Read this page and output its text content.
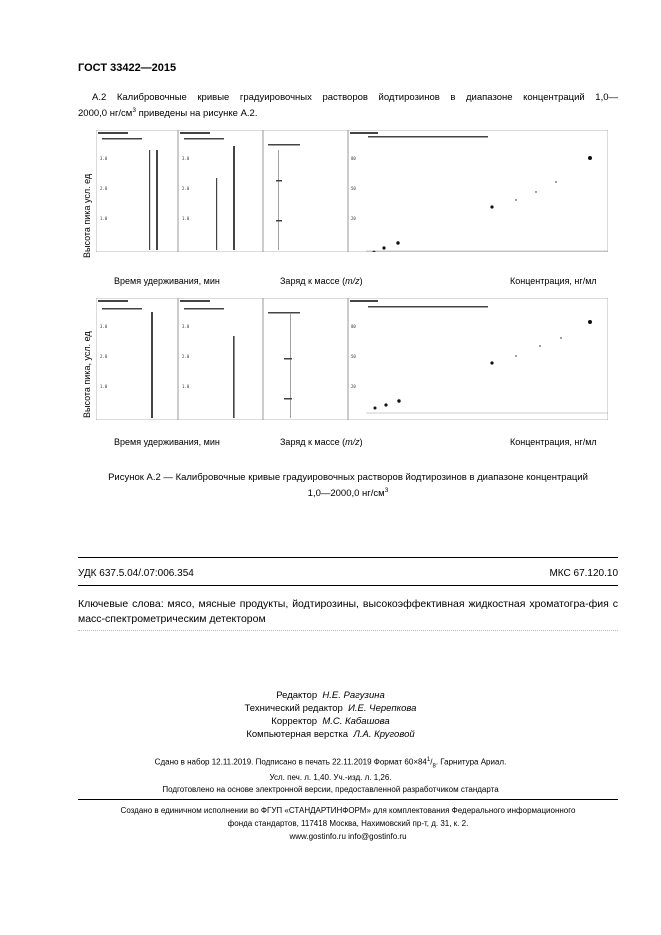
ГОСТ 33422—2015
А.2 Калибровочные кривые градуировочных растворов йодтирозинов в диапазоне концентраций 1,0—
2000,0 $нг/см^3$ приведены на рисунке А.2.
3.0
2.0
1.0
3.0
2.0
1.0
80
50
20
Высота пика усл. ед
Время удерживания, мин	Заряд к массе (m/z)	Концентрация, нг/мл
3.0
2.0
1.0
3.0
2.0
1.0
80
50
20
Высота пика, усл. ед
Время удерживания, мин	Заряд к массе (m/z)	Концентрация, нг/мл
Рисунок А.2 — Калибровочные кривые градуировочных растворов йодтирозинов в диапазоне концентраций
1,0—2000,0 $нг/см^3$
УДК 637.5.04/.07:006.354	МКС 67.120.10
Ключевые слова: мясо, мясные продукты, йодтирозины, высокоэффективная жидкостная хроматогра-фия с масс-спектрометрическим детектором
Редактор Н.Е. Рагузина
Технический редактор И.Е. Черепкова
Корректор М.С. Кабашова
Компьютерная верстка Л.А. Круговой
Сдано в набор 12.11.2019. Подписано в печать 22.11.2019 Формат $60\times 84^1/_8$. Гарнитура Ариал.
Усл. печ. л. 1,40. Уч.-изд. л. 1,26.
Подготовлено на основе электронной версии, предоставленной разработчиком стандарта
Создано в единичном исполнении во ФГУП «СТАНДАРТИНФОРМ» для комплектования Федерального информационного
фонда стандартов, 117418 Москва, Нахимовский пр-т, д. 31, к. 2.
www.gostinfo.ru info@gostinfo.ru
